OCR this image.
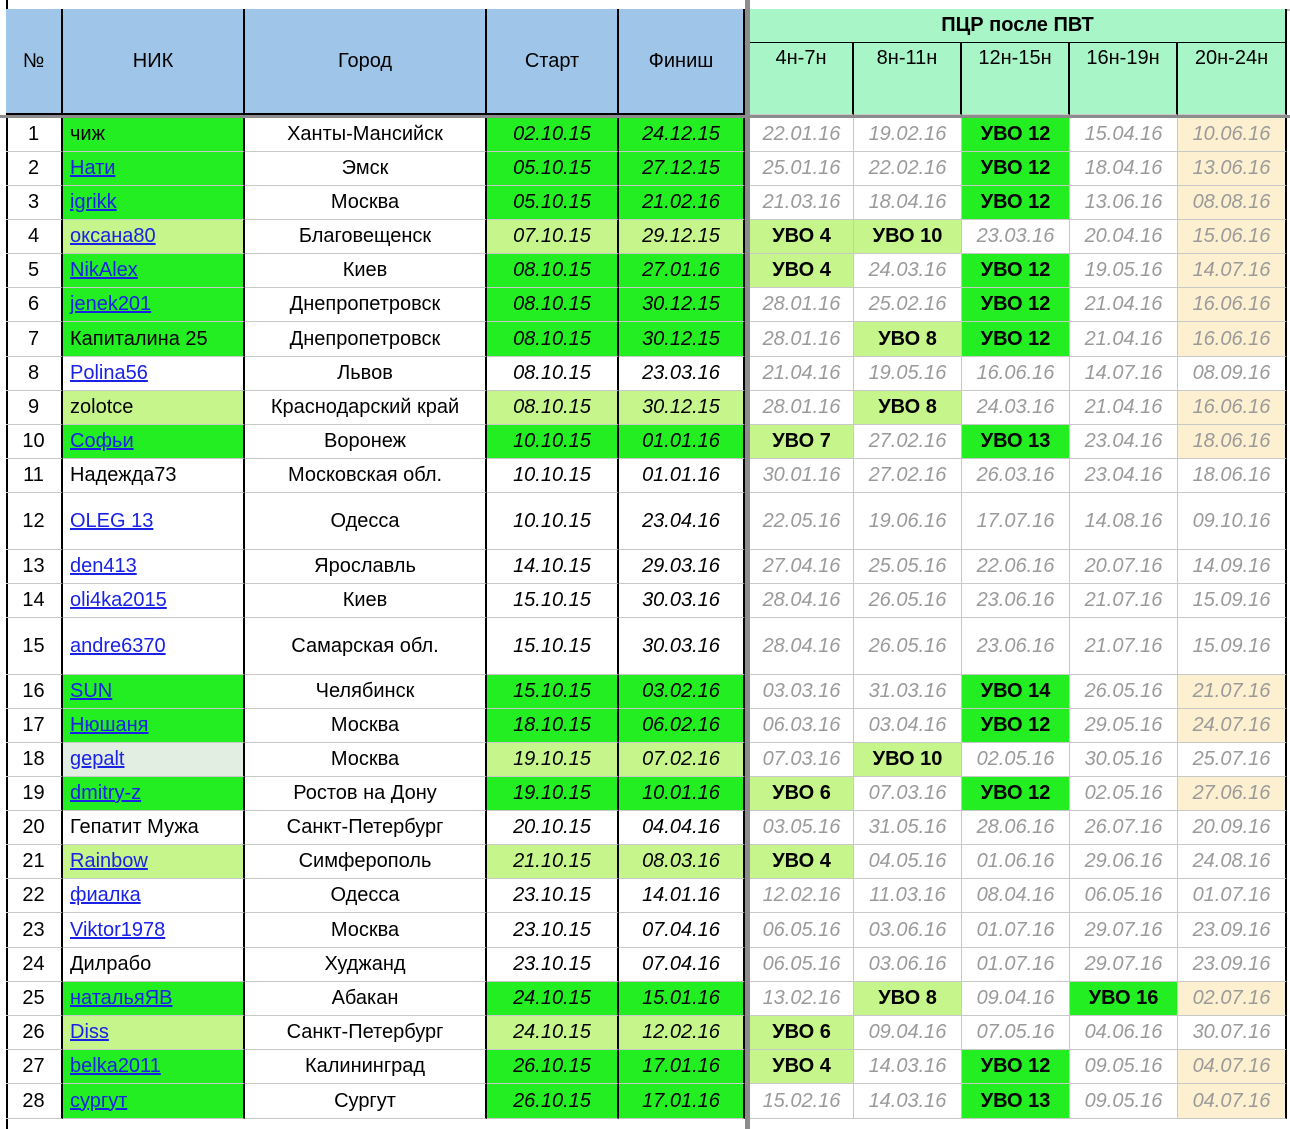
№	НИК	Город	Старт	Финиш
ПЦР после ПВТ
4н-7н	8н-11н	12н-15н	16н-19н	20н-24н
1	чиж	Ханты-Мансийск	02.10.15	24.12.15	22.01.16	19.02.16	УВО 12	15.04.16	10.06.16
2	Нати	Эмск	05.10.15	27.12.15	25.01.16	22.02.16	УВО 12	18.04.16	13.06.16
3	igrikk	Москва	05.10.15	21.02.16	21.03.16	18.04.16	УВО 12	13.06.16	08.08.16
4	оксана80	Благовещенск	07.10.15	29.12.15	УВО 4	УВО 10	23.03.16	20.04.16	15.06.16
5	NikAlex	Киев	08.10.15	27.01.16	УВО 4	24.03.16	УВО 12	19.05.16	14.07.16
6	jenek201	Днепропетровск	08.10.15	30.12.15	28.01.16	25.02.16	УВО 12	21.04.16	16.06.16
7	Капиталина 25	Днепропетровск	08.10.15	30.12.15	28.01.16	УВО 8	УВО 12	21.04.16	16.06.16
8	Polina56	Львов	08.10.15	23.03.16	21.04.16	19.05.16	16.06.16	14.07.16	08.09.16
9	zolotce	Краснодарский край	08.10.15	30.12.15	28.01.16	УВО 8	24.03.16	21.04.16	16.06.16
10	Софьи	Воронеж	10.10.15	01.01.16	УВО 7	27.02.16	УВО 13	23.04.16	18.06.16
11	Надежда73	Московская обл.	10.10.15	01.01.16	30.01.16	27.02.16	26.03.16	23.04.16	18.06.16
12	OLEG 13	Одесса	10.10.15	23.04.16	22.05.16	19.06.16	17.07.16	14.08.16	09.10.16
13	den413	Ярославль	14.10.15	29.03.16	27.04.16	25.05.16	22.06.16	20.07.16	14.09.16
14	oli4ka2015	Киев	15.10.15	30.03.16	28.04.16	26.05.16	23.06.16	21.07.16	15.09.16
15	andre6370	Самарская обл.	15.10.15	30.03.16	28.04.16	26.05.16	23.06.16	21.07.16	15.09.16
16	SUN	Челябинск	15.10.15	03.02.16	03.03.16	31.03.16	УВО 14	26.05.16	21.07.16
17	Нюшаня	Москва	18.10.15	06.02.16	06.03.16	03.04.16	УВО 12	29.05.16	24.07.16
18	gepalt	Москва	19.10.15	07.02.16	07.03.16	УВО 10	02.05.16	30.05.16	25.07.16
19	dmitry-z	Ростов на Дону	19.10.15	10.01.16	УВО 6	07.03.16	УВО 12	02.05.16	27.06.16
20	Гепатит Мужа	Санкт-Петербург	20.10.15	04.04.16	03.05.16	31.05.16	28.06.16	26.07.16	20.09.16
21	Rainbow	Симферополь	21.10.15	08.03.16	УВО 4	04.05.16	01.06.16	29.06.16	24.08.16
22	фиалка	Одесса	23.10.15	14.01.16	12.02.16	11.03.16	08.04.16	06.05.16	01.07.16
23	Viktor1978	Москва	23.10.15	07.04.16	06.05.16	03.06.16	01.07.16	29.07.16	23.09.16
24	Дилрабо	Худжанд	23.10.15	07.04.16	06.05.16	03.06.16	01.07.16	29.07.16	23.09.16
25	натальяЯВ	Абакан	24.10.15	15.01.16	13.02.16	УВО 8	09.04.16	УВО 16	02.07.16
26	Diss	Санкт-Петербург	24.10.15	12.02.16	УВО 6	09.04.16	07.05.16	04.06.16	30.07.16
27	belka2011	Калининград	26.10.15	17.01.16	УВО 4	14.03.16	УВО 12	09.05.16	04.07.16
28	сургут	Сургут	26.10.15	17.01.16	15.02.16	14.03.16	УВО 13	09.05.16	04.07.16
